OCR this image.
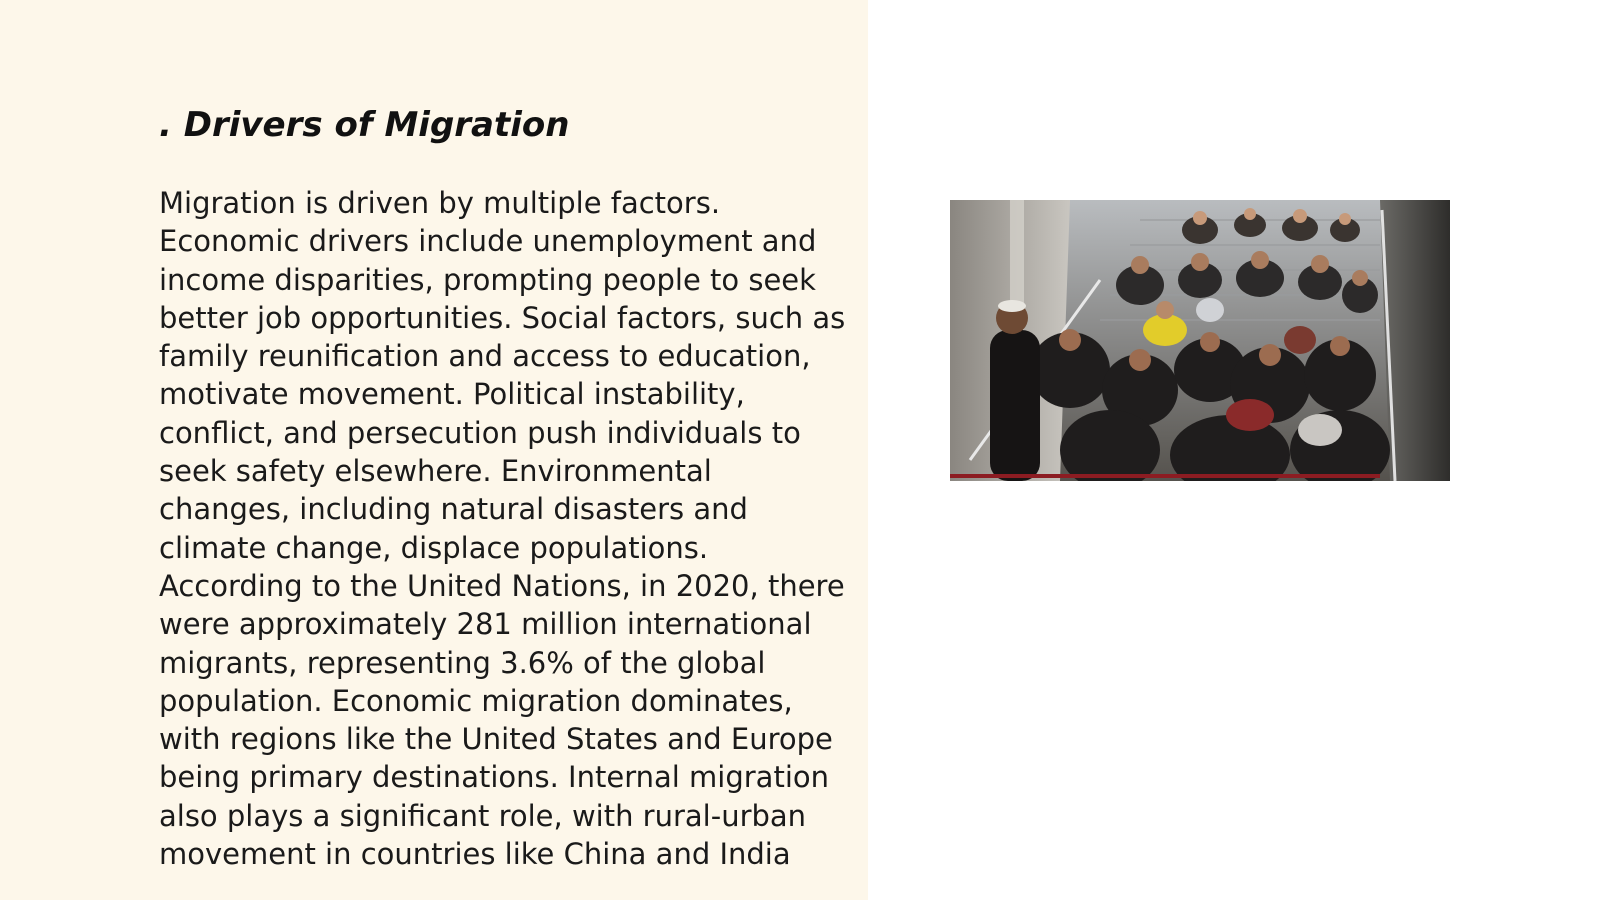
. Drivers of Migration

Migration is driven by multiple factors. Economic drivers include unemployment and income disparities, prompting people to seek better job opportunities. Social factors, such as family reunification and access to education, motivate movement. Political instability, conflict, and persecution push individuals to seek safety elsewhere. Environmental changes, including natural disasters and climate change, displace populations. According to the United Nations, in 2020, there were approximately 281 million international migrants, representing 3.6% of the global population. Economic migration dominates, with regions like the United States and Europe being primary destinations. Internal migration also plays a significant role, with rural-urban movement in countries like China and India
